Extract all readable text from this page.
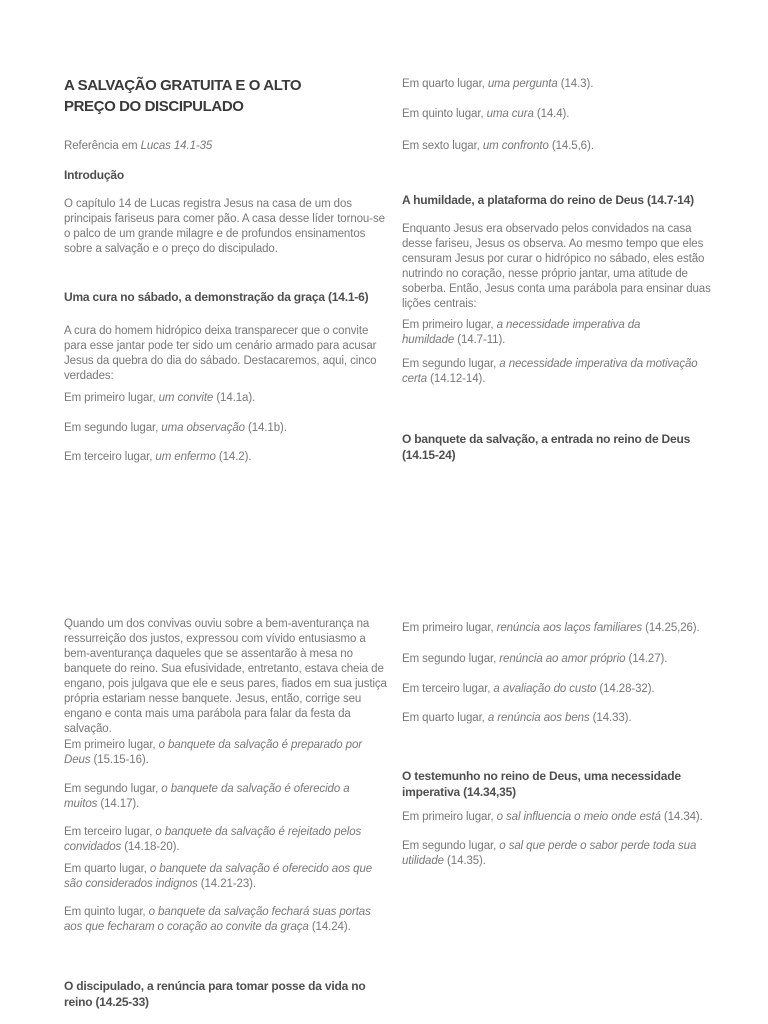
A SALVAÇÃO GRATUITA E O ALTO
PREÇO DO DISCIPULADO

Referência em Lucas 14.1-35

Introdução

O capítulo 14 de Lucas registra Jesus na casa de um dos principais fariseus para comer pão. A casa desse líder tornou-se o palco de um grande milagre e de profundos ensinamentos sobre a salvação e o preço do discipulado.

Uma cura no sábado, a demonstração da graça (14.1-6)

A cura do homem hidrópico deixa transparecer que o convite para esse jantar pode ter sido um cenário armado para acusar Jesus da quebra do dia do sábado. Destacaremos, aqui, cinco verdades:

Em primeiro lugar, um convite (14.1a).

Em segundo lugar, uma observação (14.1b).

Em terceiro lugar, um enfermo (14.2).

Quando um dos convivas ouviu sobre a bem-aventurança na ressurreição dos justos, expressou com vívido entusiasmo a bem-aventurança daqueles que se assentarão à mesa no banquete do reino. Sua efusividade, entretanto, estava cheia de engano, pois julgava que ele e seus pares, fiados em sua justiça própria estariam nesse banquete. Jesus, então, corrige seu engano e conta mais uma parábola para falar da festa da salvação.

Em primeiro lugar, o banquete da salvação é preparado por Deus (15.15-16).

Em segundo lugar, o banquete da salvação é oferecido a muitos (14.17).

Em terceiro lugar, o banquete da salvação é rejeitado pelos convidados (14.18-20).

Em quarto lugar, o banquete da salvação é oferecido aos que são considerados indignos (14.21-23).

Em quinto lugar, o banquete da salvação fechará suas portas aos que fecharam o coração ao convite da graça (14.24).

O discipulado, a renúncia para tomar posse da vida no
reino (14.25-33)

Em quarto lugar, uma pergunta (14.3).

Em quinto lugar, uma cura (14.4).

Em sexto lugar, um confronto (14.5,6).

A humildade, a plataforma do reino de Deus (14.7-14)

Enquanto Jesus era observado pelos convidados na casa desse fariseu, Jesus os observa. Ao mesmo tempo que eles censuram Jesus por curar o hidrópico no sábado, eles estão nutrindo no coração, nesse próprio jantar, uma atitude de soberba. Então, Jesus conta uma parábola para ensinar duas lições centrais:

Em primeiro lugar, a necessidade imperativa da humildade (14.7-11).

Em segundo lugar, a necessidade imperativa da motivação certa (14.12-14).

O banquete da salvação, a entrada no reino de Deus
(14.15-24)

Em primeiro lugar, renúncia aos laços familiares (14.25,26).

Em segundo lugar, renúncia ao amor próprio (14.27).

Em terceiro lugar, a avaliação do custo (14.28-32).

Em quarto lugar, a renúncia aos bens (14.33).

O testemunho no reino de Deus, uma necessidade
imperativa (14.34,35)

Em primeiro lugar, o sal influencia o meio onde está (14.34).

Em segundo lugar, o sal que perde o sabor perde toda sua utilidade (14.35).
